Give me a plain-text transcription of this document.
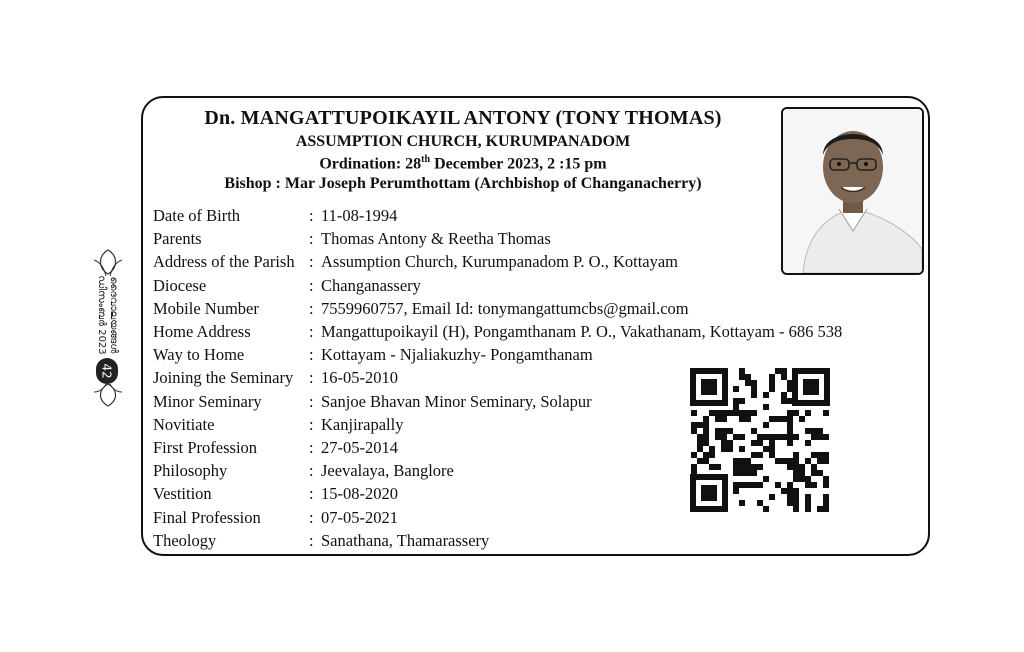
ദൈവാലയങ്ങൾ
ഡിസംബർ 2023
42
Dn. MANGATTUPOIKAYIL ANTONY (TONY THOMAS)
ASSUMPTION CHURCH, KURUMPANADOM
Ordination: 28th December 2023, 2 :15 pm
Bishop : Mar Joseph Perumthottam (Archbishop of Changanacherry)
Date of Birth	: 11-08-1994
Parents	: Thomas Antony & Reetha Thomas
Address of the Parish : Assumption Church, Kurumpanadom P. O., Kottayam
Diocese	: Changanassery
Mobile Number	: 7559960757, Email Id: tonymangattumcbs@gmail.com
Home Address	: Mangattupoikayil (H), Pongamthanam P. O., Vakathanam, Kottayam - 686 538
Way to Home	: Kottayam - Njaliakuzhy- Pongamthanam
Joining the Seminary : 16-05-2010
Minor Seminary	: Sanjoe Bhavan Minor Seminary, Solapur
Novitiate	: Kanjirapally
First Profession	: 27-05-2014
Philosophy	: Jeevalaya, Banglore
Vestition	: 15-08-2020
Final Profession	: 07-05-2021
Theology	: Sanathana, Thamarassery
